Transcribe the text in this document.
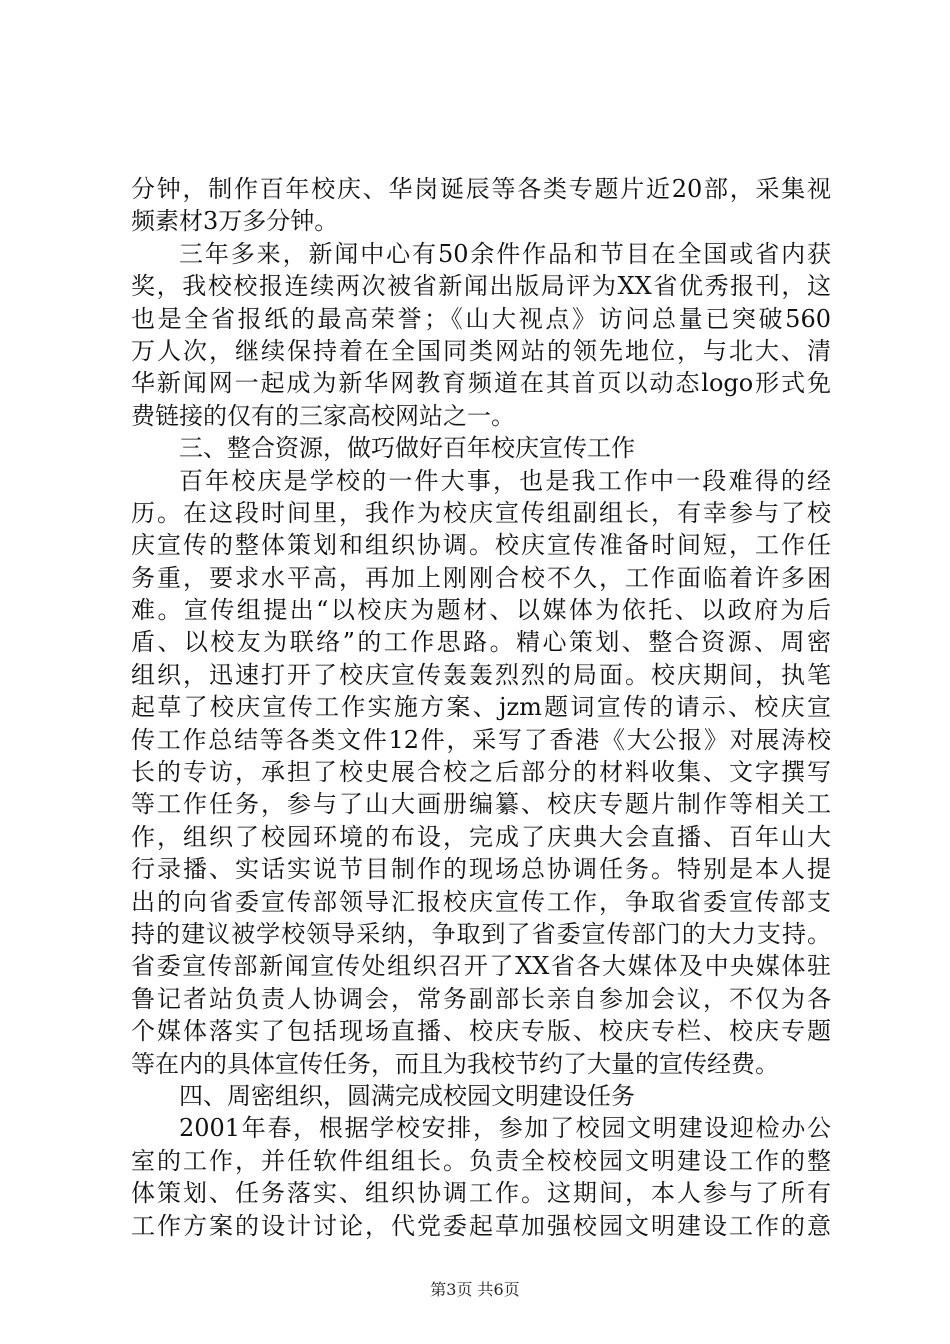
分钟，制作百年校庆、华岗诞辰等各类专题片近20部，采集视
频素材3万多分钟。
三年多来，新闻中心有50余件作品和节目在全国或省内获
奖，我校校报连续两次被省新闻出版局评为XX省优秀报刊，这
也是全省报纸的最高荣誉；《山大视点》访问总量已突破560
万人次，继续保持着在全国同类网站的领先地位，与北大、清
华新闻网一起成为新华网教育频道在其首页以动态logo形式免
费链接的仅有的三家高校网站之一。
三、整合资源，做巧做好百年校庆宣传工作
百年校庆是学校的一件大事，也是我工作中一段难得的经
历。在这段时间里，我作为校庆宣传组副组长，有幸参与了校
庆宣传的整体策划和组织协调。校庆宣传准备时间短，工作任
务重，要求水平高，再加上刚刚合校不久，工作面临着许多困
难。宣传组提出“以校庆为题材、以媒体为依托、以政府为后
盾、以校友为联络”的工作思路。精心策划、整合资源、周密
组织，迅速打开了校庆宣传轰轰烈烈的局面。校庆期间，执笔
起草了校庆宣传工作实施方案、jzm题词宣传的请示、校庆宣
传工作总结等各类文件12件，采写了香港《大公报》对展涛校
长的专访，承担了校史展合校之后部分的材料收集、文字撰写
等工作任务，参与了山大画册编纂、校庆专题片制作等相关工
作，组织了校园环境的布设，完成了庆典大会直播、百年山大
行录播、实话实说节目制作的现场总协调任务。特别是本人提
出的向省委宣传部领导汇报校庆宣传工作，争取省委宣传部支
持的建议被学校领导采纳，争取到了省委宣传部门的大力支持。
省委宣传部新闻宣传处组织召开了XX省各大媒体及中央媒体驻
鲁记者站负责人协调会，常务副部长亲自参加会议，不仅为各
个媒体落实了包括现场直播、校庆专版、校庆专栏、校庆专题
等在内的具体宣传任务，而且为我校节约了大量的宣传经费。
四、周密组织，圆满完成校园文明建设任务
2001年春，根据学校安排，参加了校园文明建设迎检办公
室的工作，并任软件组组长。负责全校校园文明建设工作的整
体策划、任务落实、组织协调工作。这期间，本人参与了所有
工作方案的设计讨论，代党委起草加强校园文明建设工作的意
第3页 共6页
